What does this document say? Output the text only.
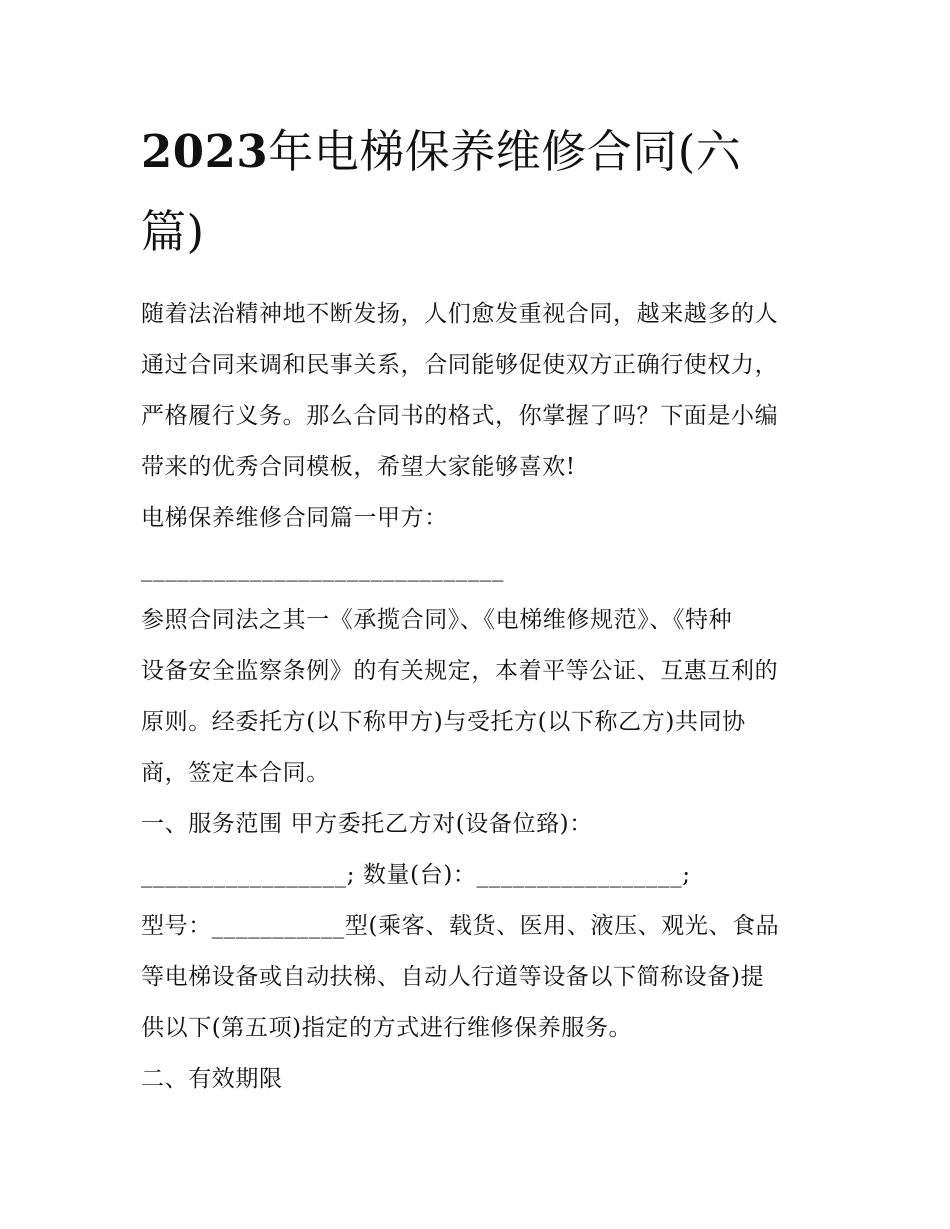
2023年电梯保养维修合同(六
篇)

随着法治精神地不断发扬，人们愈发重视合同，越来越多的人

通过合同来调和民事关系，合同能够促使双方正确行使权力，

严格履行义务。那么合同书的格式，你掌握了吗？下面是小编

带来的优秀合同模板，希望大家能够喜欢!

电梯保养维修合同篇一甲方：

______________________________

参照合同法之其一《承揽合同》、《电梯维修规范》、《特种

设备安全监察条例》的有关规定，本着平等公证、互惠互利的

原则。经委托方(以下称甲方)与受托方(以下称乙方)共同协

商，签定本合同。

一、服务范围 甲方委托乙方对(设备位臵)：

_________________; 数量(台)：_________________;

型号：___________型(乘客、载货、医用、液压、观光、食品

等电梯设备或自动扶梯、自动人行道等设备以下简称设备)提

供以下(第五项)指定的方式进行维修保养服务。

二、有效期限
